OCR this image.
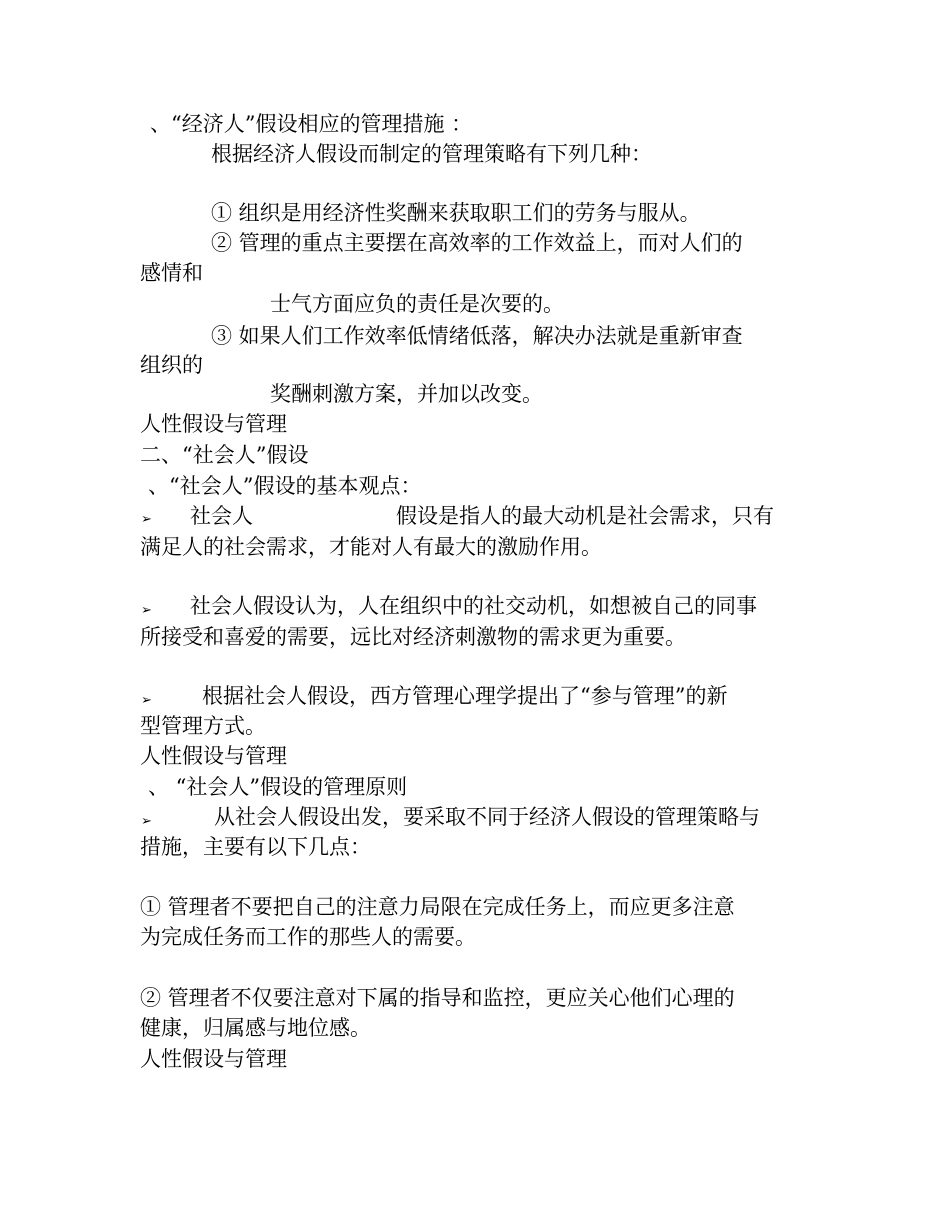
、“经济人”假设相应的管理措施 ：
根据经济人假设而制定的管理策略有下列几种：
① 组织是用经济性奖酬来获取职工们的劳务与服从。
② 管理的重点主要摆在高效率的工作效益上，而对人们的
感情和
士气方面应负的责任是次要的。
③ 如果人们工作效率低情绪低落，解决办法就是重新审查
组织的
奖酬刺激方案，并加以改变。
人性假设与管理
二、“社会人”假设
、“社会人”假设的基本观点：
➢ 社会人	假设是指人的最大动机是社会需求，只有
满足人的社会需求，才能对人有最大的激励作用。
➢ 社会人假设认为，人在组织中的社交动机，如想被自己的同事
所接受和喜爱的需要，远比对经济刺激物的需求更为重要。
➢ 根据社会人假设，西方管理心理学提出了“参与管理”的新
型管理方式。
人性假设与管理
、 “社会人”假设的管理原则
➢	从社会人假设出发，要采取不同于经济人假设的管理策略与
措施，主要有以下几点：
① 管理者不要把自己的注意力局限在完成任务上，而应更多注意
为完成任务而工作的那些人的需要。
② 管理者不仅要注意对下属的指导和监控，更应关心他们心理的
健康，归属感与地位感。
人性假设与管理
